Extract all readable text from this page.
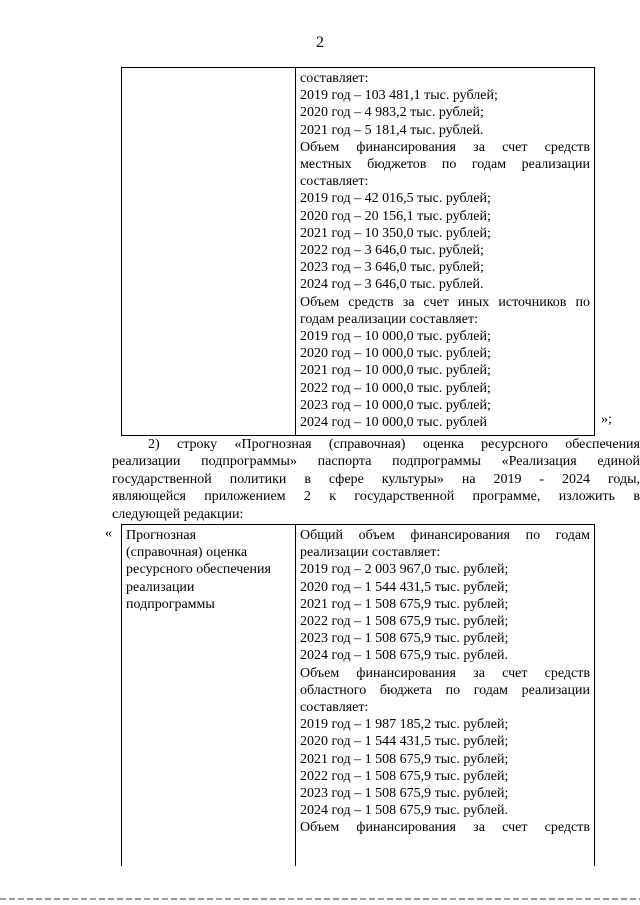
2
составляет:
2019 год – 103 481,1 тыс. рублей;
2020 год – 4 983,2 тыс. рублей;
2021 год – 5 181,4 тыс. рублей.
Объем финансирования за счет средств
местных бюджетов по годам реализации
составляет:
2019 год – 42 016,5 тыс. рублей;
2020 год – 20 156,1 тыс. рублей;
2021 год – 10 350,0 тыс. рублей;
2022 год – 3 646,0 тыс. рублей;
2023 год – 3 646,0 тыс. рублей;
2024 год – 3 646,0 тыс. рублей.
Объем средств за счет иных источников по
годам реализации составляет:
2019 год – 10 000,0 тыс. рублей;
2020 год – 10 000,0 тыс. рублей;
2021 год – 10 000,0 тыс. рублей;
2022 год – 10 000,0 тыс. рублей;
2023 год – 10 000,0 тыс. рублей;
2024 год – 10 000,0 тыс. рублей	»;
2) строку «Прогнозная (справочная) оценка ресурсного обеспечения
реализации подпрограммы» паспорта подпрограммы «Реализация единой
государственной политики в сфере культуры» на 2019 - 2024 годы,
являющейся приложением 2 к государственной программе, изложить в
следующей редакции:
« Прогнозная
(справочная) оценка
ресурсного обеспечения
реализации
подпрограммы
Общий объем финансирования по годам
реализации составляет:
2019 год – 2 003 967,0 тыс. рублей;
2020 год – 1 544 431,5 тыс. рублей;
2021 год – 1 508 675,9 тыс. рублей;
2022 год – 1 508 675,9 тыс. рублей;
2023 год – 1 508 675,9 тыс. рублей;
2024 год – 1 508 675,9 тыс. рублей.
Объем финансирования за счет средств
областного бюджета по годам реализации
составляет:
2019 год – 1 987 185,2 тыс. рублей;
2020 год – 1 544 431,5 тыс. рублей;
2021 год – 1 508 675,9 тыс. рублей;
2022 год – 1 508 675,9 тыс. рублей;
2023 год – 1 508 675,9 тыс. рублей;
2024 год – 1 508 675,9 тыс. рублей.
Объем финансирования за счет средств
